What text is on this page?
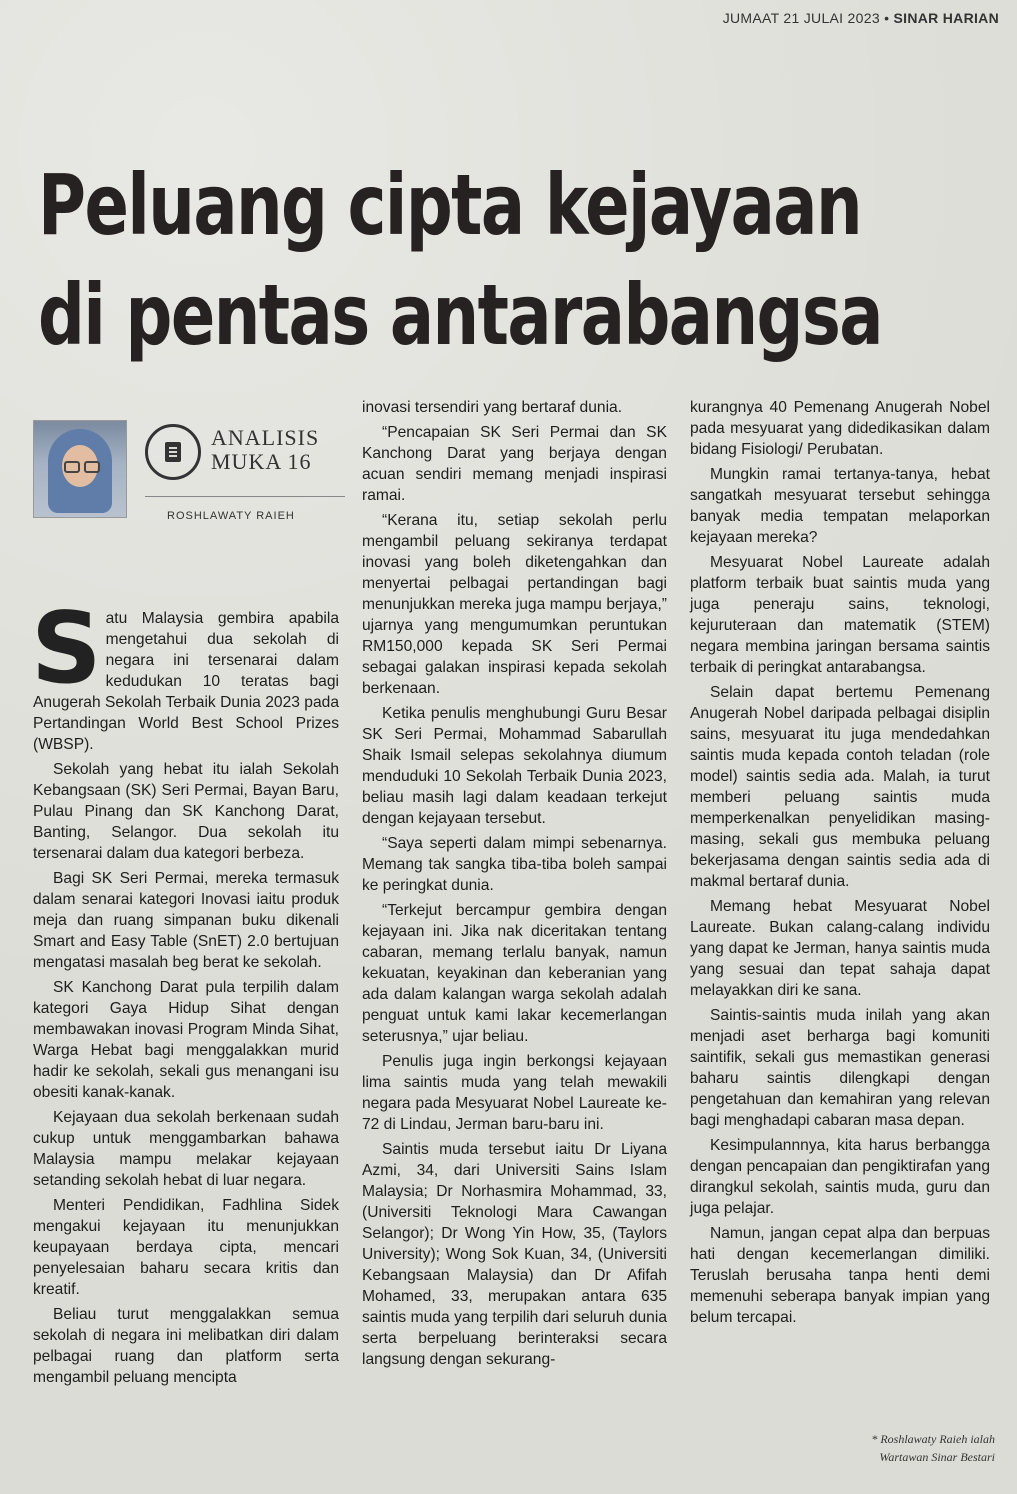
JUMAAT 21 JULAI 2023 • SINAR HARIAN
Peluang cipta kejayaan
di pentas antarabangsa
ANALISIS
MUKA 16
ROSHLAWATY RAIEH

Satu Malaysia gembira apabila mengetahui dua sekolah di negara ini tersenarai dalam kedudukan 10 teratas bagi Anugerah Sekolah Terbaik Dunia 2023 pada Pertandingan World Best School Prizes (WBSP).

Sekolah yang hebat itu ialah Sekolah Kebangsaan (SK) Seri Permai, Bayan Baru, Pulau Pinang dan SK Kanchong Darat, Banting, Selangor. Dua sekolah itu tersenarai dalam dua kategori berbeza.

Bagi SK Seri Permai, mereka termasuk dalam senarai kategori Inovasi iaitu produk meja dan ruang simpanan buku dikenali Smart and Easy Table (SnET) 2.0 bertujuan mengatasi masalah beg berat ke sekolah.

SK Kanchong Darat pula terpilih dalam kategori Gaya Hidup Sihat dengan membawakan inovasi Program Minda Sihat, Warga Hebat bagi menggalakkan murid hadir ke sekolah, sekali gus menangani isu obesiti kanak-kanak.

Kejayaan dua sekolah berkenaan sudah cukup untuk menggambarkan bahawa Malaysia mampu melakar kejayaan setanding sekolah hebat di luar negara.

Menteri Pendidikan, Fadhlina Sidek mengakui kejayaan itu menunjukkan keupayaan berdaya cipta, mencari penyelesaian baharu secara kritis dan kreatif.

Beliau turut menggalakkan semua sekolah di negara ini melibatkan diri dalam pelbagai ruang dan platform serta mengambil peluang mencipta

inovasi tersendiri yang bertaraf dunia.

“Pencapaian SK Seri Permai dan SK Kanchong Darat yang berjaya dengan acuan sendiri memang menjadi inspirasi ramai.

“Kerana itu, setiap sekolah perlu mengambil peluang sekiranya terdapat inovasi yang boleh diketengahkan dan menyertai pelbagai pertandingan bagi menunjukkan mereka juga mampu berjaya,” ujarnya yang mengumumkan peruntukan RM150,000 kepada SK Seri Permai sebagai galakan inspirasi kepada sekolah berkenaan.

Ketika penulis menghubungi Guru Besar SK Seri Permai, Mohammad Sabarullah Shaik Ismail selepas sekolahnya diumum menduduki 10 Sekolah Terbaik Dunia 2023, beliau masih lagi dalam keadaan terkejut dengan kejayaan tersebut.

“Saya seperti dalam mimpi sebenarnya. Memang tak sangka tiba-tiba boleh sampai ke peringkat dunia.

“Terkejut bercampur gembira dengan kejayaan ini. Jika nak diceritakan tentang cabaran, memang terlalu banyak, namun kekuatan, keyakinan dan keberanian yang ada dalam kalangan warga sekolah adalah penguat untuk kami lakar kecemerlangan seterusnya,” ujar beliau.

Penulis juga ingin berkongsi kejayaan lima saintis muda yang telah mewakili negara pada Mesyuarat Nobel Laureate ke-72 di Lindau, Jerman baru-baru ini.

Saintis muda tersebut iaitu Dr Liyana Azmi, 34, dari Universiti Sains Islam Malaysia; Dr Norhasmira Mohammad, 33, (Universiti Teknologi Mara Cawangan Selangor); Dr Wong Yin How, 35, (Taylors University); Wong Sok Kuan, 34, (Universiti Kebangsaan Malaysia) dan Dr Afifah Mohamed, 33, merupakan antara 635 saintis muda yang terpilih dari seluruh dunia serta berpeluang berinteraksi secara langsung dengan sekurang-

kurangnya 40 Pemenang Anugerah Nobel pada mesyuarat yang didedikasikan dalam bidang Fisiologi/ Perubatan.

Mungkin ramai tertanya-tanya, hebat sangatkah mesyuarat tersebut sehingga banyak media tempatan melaporkan kejayaan mereka?

Mesyuarat Nobel Laureate adalah platform terbaik buat saintis muda yang juga peneraju sains, teknologi, kejuruteraan dan matematik (STEM) negara membina jaringan bersama saintis terbaik di peringkat antarabangsa.

Selain dapat bertemu Pemenang Anugerah Nobel daripada pelbagai disiplin sains, mesyuarat itu juga mendedahkan saintis muda kepada contoh teladan (role model) saintis sedia ada. Malah, ia turut memberi peluang saintis muda memperkenalkan penyelidikan masing-masing, sekali gus membuka peluang bekerjasama dengan saintis sedia ada di makmal bertaraf dunia.

Memang hebat Mesyuarat Nobel Laureate. Bukan calang-calang individu yang dapat ke Jerman, hanya saintis muda yang sesuai dan tepat sahaja dapat melayakkan diri ke sana.

Saintis-saintis muda inilah yang akan menjadi aset berharga bagi komuniti saintifik, sekali gus memastikan generasi baharu saintis dilengkapi dengan pengetahuan dan kemahiran yang relevan bagi menghadapi cabaran masa depan.

Kesimpulannnya, kita harus berbangga dengan pencapaian dan pengiktirafan yang dirangkul sekolah, saintis muda, guru dan juga pelajar.

Namun, jangan cepat alpa dan berpuas hati dengan kecemerlangan dimiliki. Teruslah berusaha tanpa henti demi memenuhi seberapa banyak impian yang belum tercapai.

* Roshlawaty Raieh ialah
Wartawan Sinar Bestari
